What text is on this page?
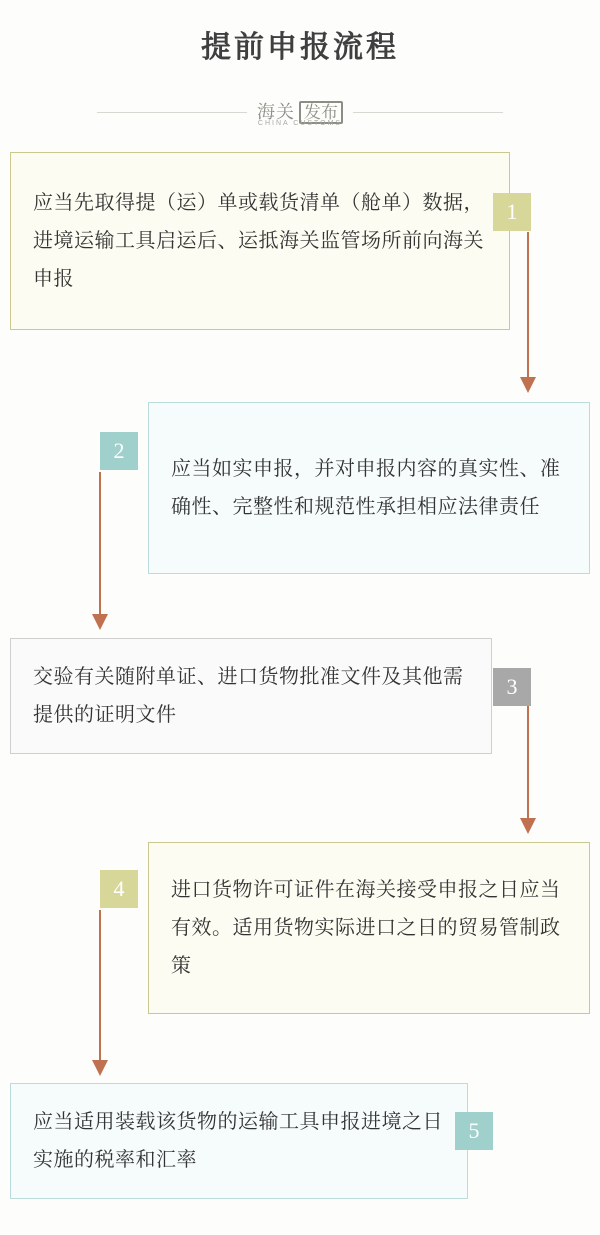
提前申报流程
海关 发布
CHINA CUSTOMS
应当先取得提（运）单或载货清单（舱单）数据，进境运输工具启运后、运抵海关监管场所前向海关申报
1
应当如实申报，并对申报内容的真实性、准确性、完整性和规范性承担相应法律责任
2
交验有关随附单证、进口货物批准文件及其他需提供的证明文件
3
进口货物许可证件在海关接受申报之日应当有效。适用货物实际进口之日的贸易管制政策
4
应当适用装载该货物的运输工具申报进境之日实施的税率和汇率
5
